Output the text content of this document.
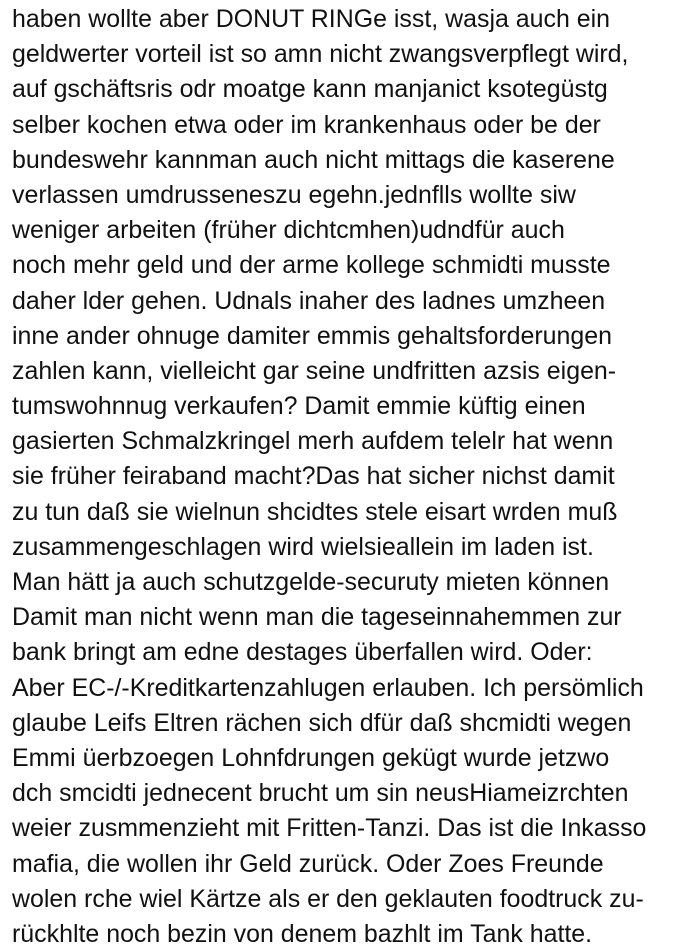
haben wollte aber DONUT RINGe isst, wasja auch ein
geldwerter vorteil ist so amn nicht zwangsverpflegt wird,
auf gschäftsris odr moatge kann manjanict ksotegüstg
selber kochen etwa oder im krankenhaus oder be der
bundeswehr kannman auch nicht mittags die kaserene
verlassen umdrusseneszu egehn.jednflls wollte siw
weniger arbeiten (früher dichtcmhen)udndfür auch
noch mehr geld und der arme kollege schmidti musste
daher lder gehen. Udnals inaher des ladnes umzheen
inne ander ohnuge damiter emmis gehaltsforderungen
zahlen kann, vielleicht gar seine undfritten azsis eigen-
tumswohnnug verkaufen? Damit emmie küftig einen
gasierten Schmalzkringel merh aufdem telelr hat wenn
sie früher feiraband macht?Das hat sicher nichst damit
zu tun daß sie wielnun shcidtes stele eisart wrden muß
zusammengeschlagen wird wielsieallein im laden ist.
Man hätt ja auch schutzgelde-securuty mieten können
Damit man nicht wenn man die tageseinnahemmen zur
bank bringt am edne destages überfallen wird. Oder:
Aber EC-/-Kreditkartenzahlugen erlauben. Ich persömlich
glaube Leifs Eltren rächen sich dfür daß shcmidti wegen
Emmi üerbzoegen Lohnfdrungen gekügt wurde jetzwo
dch smcidti jednecent brucht um sin neusHiameizrchten
weier zusmmenzieht mit Fritten-Tanzi. Das ist die Inkasso
mafia, die wollen ihr Geld zurück. Oder Zoes Freunde
wolen rche wiel Kärtze als er den geklauten foodtruck zu-
rückhlte noch bezin von denem bazhlt im Tank hatte.
